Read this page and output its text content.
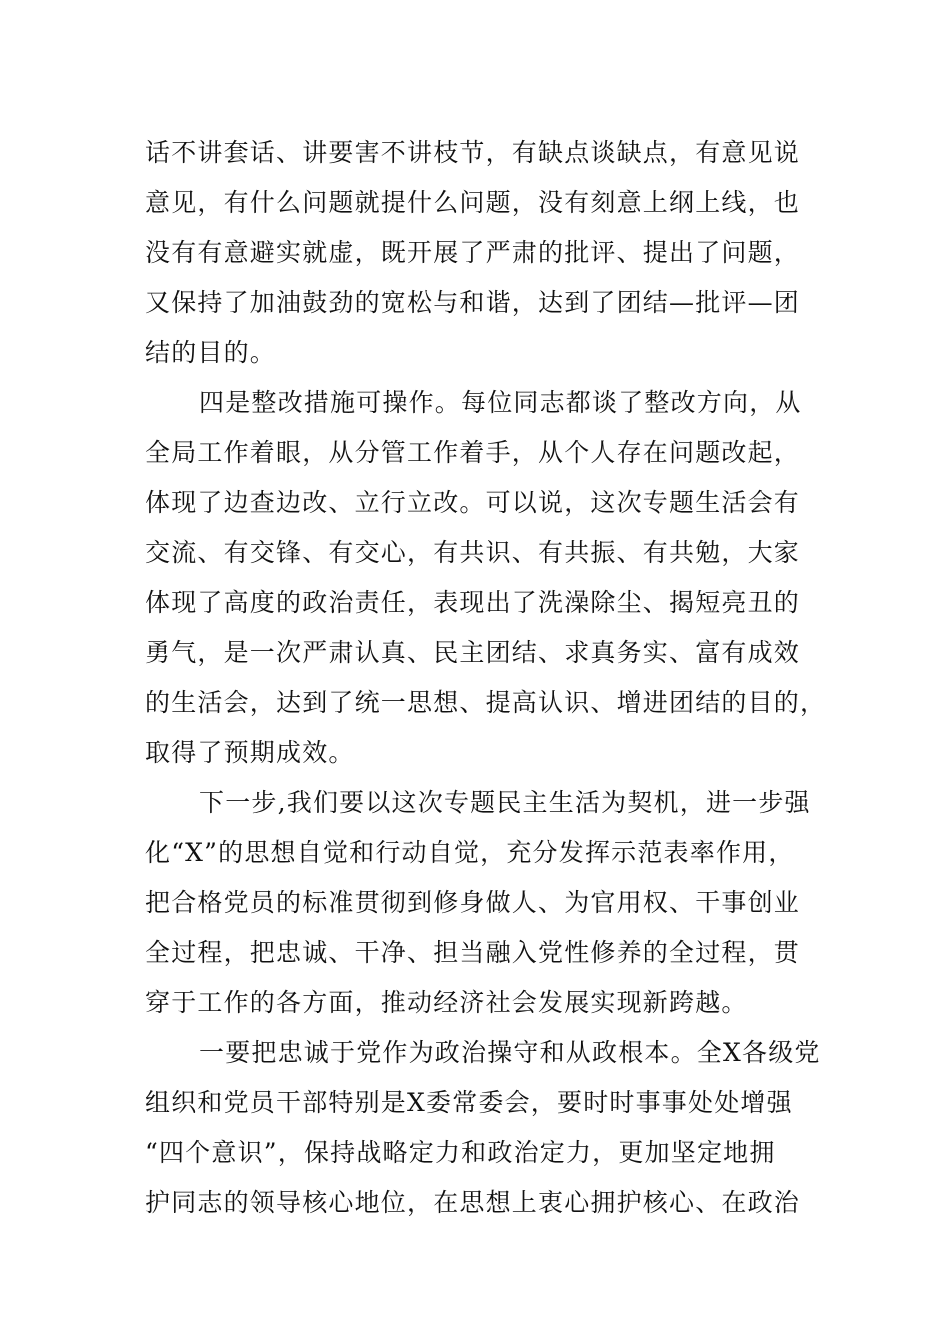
话不讲套话、讲要害不讲枝节，有缺点谈缺点，有意见说
意见，有什么问题就提什么问题，没有刻意上纲上线，也
没有有意避实就虚，既开展了严肃的批评、提出了问题，
又保持了加油鼓劲的宽松与和谐，达到了团结—批评—团
结的目的。
四是整改措施可操作。每位同志都谈了整改方向，从
全局工作着眼，从分管工作着手，从个人存在问题改起，
体现了边查边改、立行立改。可以说，这次专题生活会有
交流、有交锋、有交心，有共识、有共振、有共勉，大家
体现了高度的政治责任，表现出了洗澡除尘、揭短亮丑的
勇气，是一次严肃认真、民主团结、求真务实、富有成效
的生活会，达到了统一思想、提高认识、增进团结的目的，
取得了预期成效。
下一步,我们要以这次专题民主生活为契机，进一步强
化“X”的思想自觉和行动自觉，充分发挥示范表率作用，
把合格党员的标准贯彻到修身做人、为官用权、干事创业
全过程，把忠诚、干净、担当融入党性修养的全过程，贯
穿于工作的各方面，推动经济社会发展实现新跨越。
一要把忠诚于党作为政治操守和从政根本。全X各级党
组织和党员干部特别是X委常委会，要时时事事处处增强
“四个意识”，保持战略定力和政治定力，更加坚定地拥
护同志的领导核心地位，在思想上衷心拥护核心、在政治
